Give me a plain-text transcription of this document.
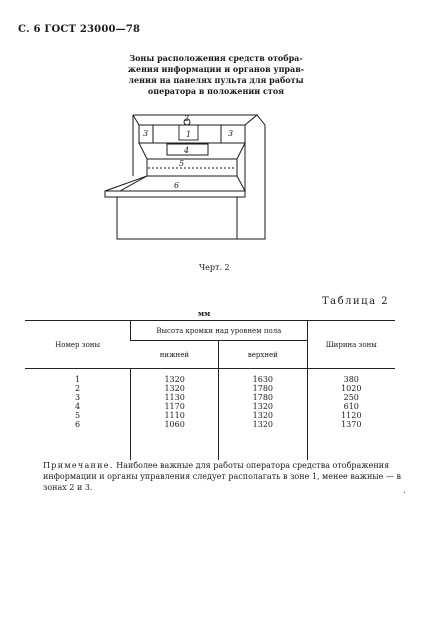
С. 6 ГОСТ 23000—78
Зоны расположения средств отобра-
жения информации и органов управ-
ления на панелях пульта для работы
оператора в положении стоя
2
1
3	3
4
5
6
Черт. 2
Таблица 2
мм
Номер зоны	Высота кромки над уровнем пола		Ширина зоны
	нижней	верхней	

1	1320	1630	380
2	1320	1780	1020
3	1130	1780	250
4	1170	1320	610
5	1110	1320	1120
6	1060	1320	1370
Примечание. Наиболее важные для работы оператора средства отображения информации и органы управления следует располагать в зоне 1, менее важные — в зонах 2 и 3.
